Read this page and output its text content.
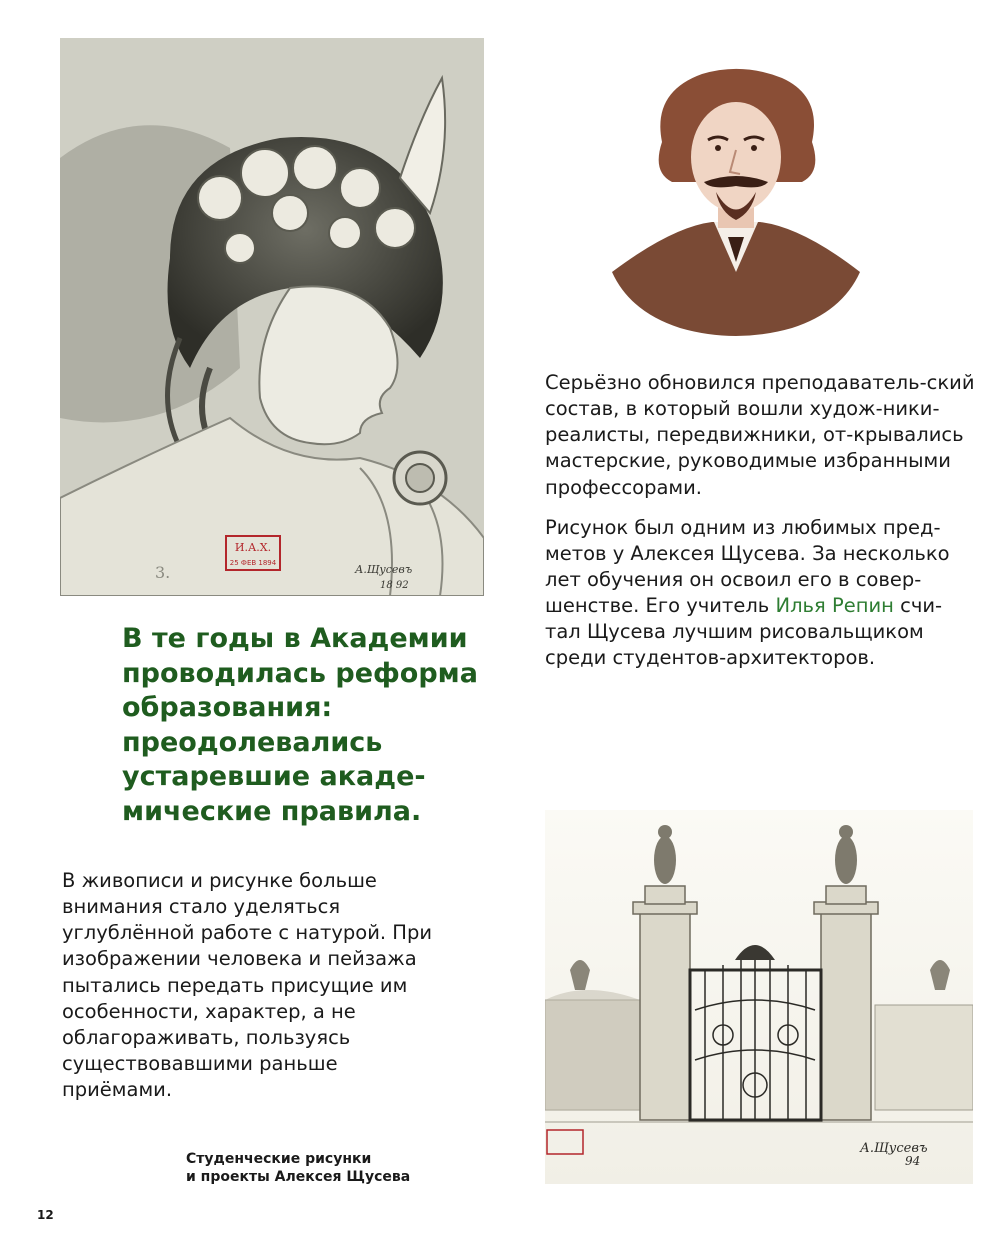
И.А.Х.
25 ФЕВ 1894
3.	А.Щусевъ
18 92

Серьёзно обновился преподаватель-ский состав, в который вошли худож-ники-реалисты, передвижники, от-крывались мастерские, руководимые избранными профессорами.

Рисунок был одним из любимых пред-метов у Алексея Щусева. За несколько лет обучения он освоил его в совер-шенстве. Его учитель Илья Репин счи-тал Щусева лучшим рисовальщиком среди студентов-архитекторов.

В те годы в Академии проводилась реформа образования: преодолевались устаревшие акаде-мические правила.

В живописи и рисунке больше внимания стало уделяться углублённой работе с натурой. При изображении человека и пейзажа пытались передать присущие им особенности, характер, а не облагораживать, пользуясь существовавшими раньше приёмами.

Студенческие рисунки
и проекты Алексея Щусева
А.Щусевъ
94
12
